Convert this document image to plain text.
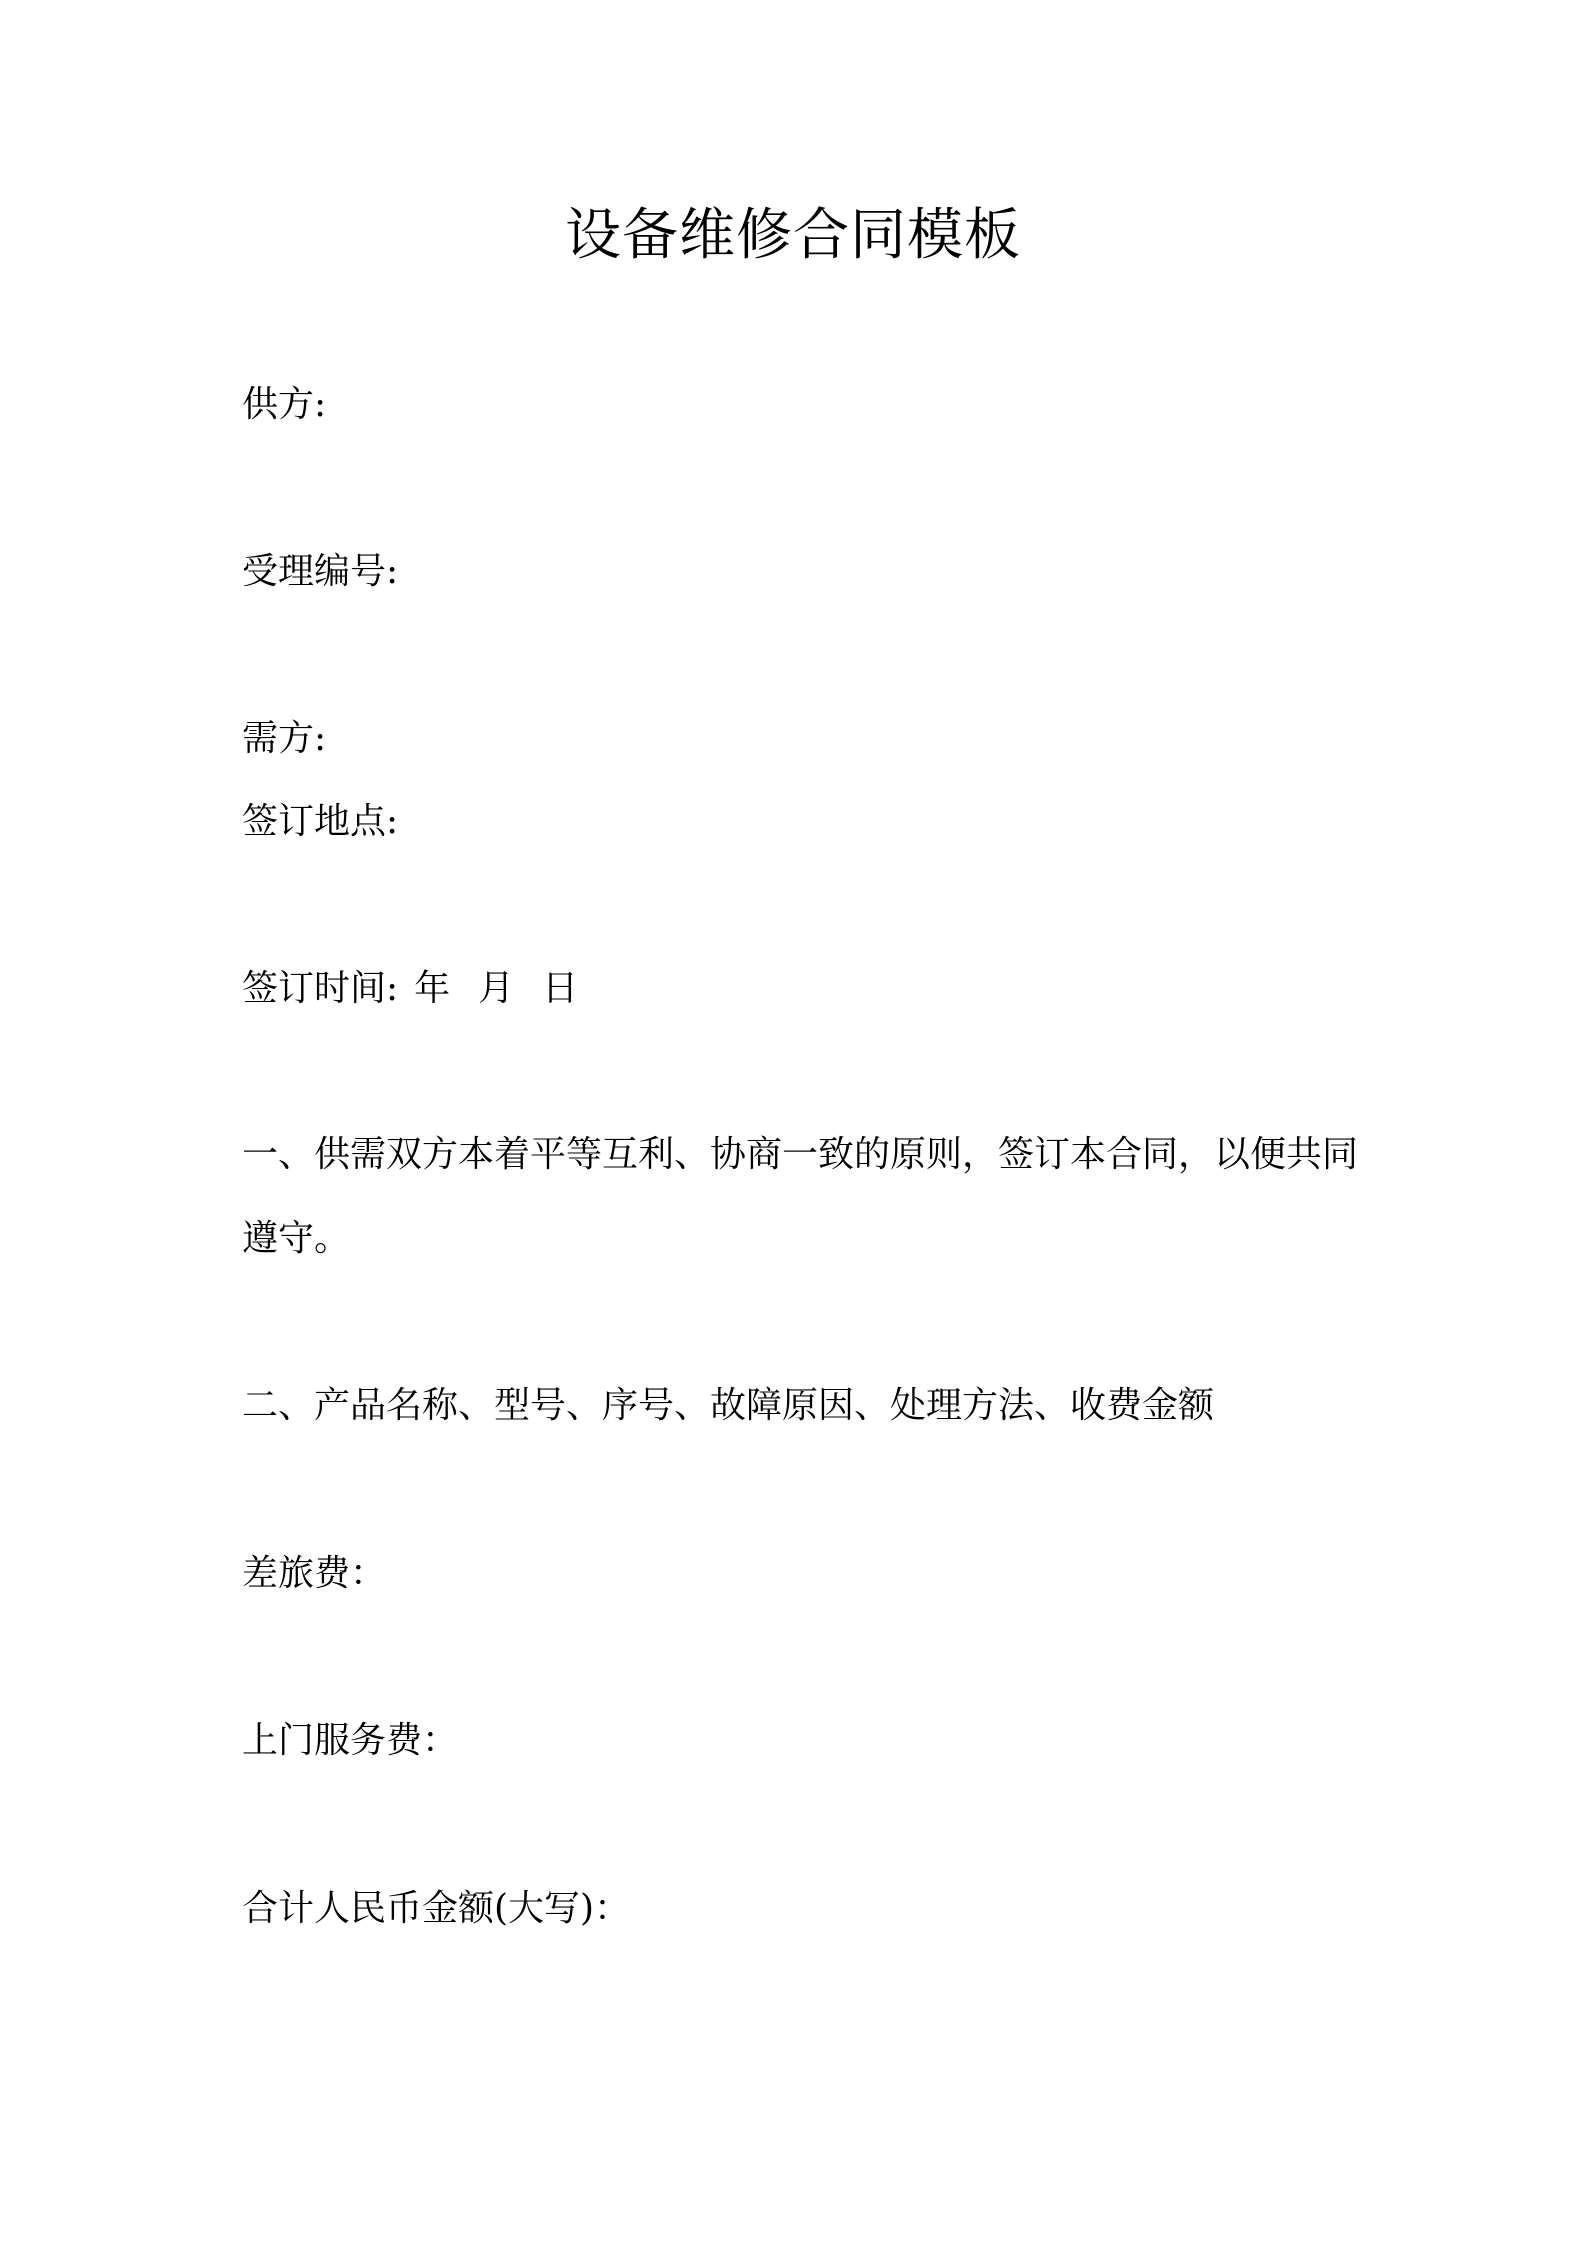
设备维修合同模板
供方:
受理编号:
需方:
签订地点:
签订时间: 年 月 日
一、供需双方本着平等互利、协商一致的原则，签订本合同，以便共同遵守。
二、产品名称、型号、序号、故障原因、处理方法、收费金额
差旅费：
上门服务费：
合计人民币金额(大写)：
